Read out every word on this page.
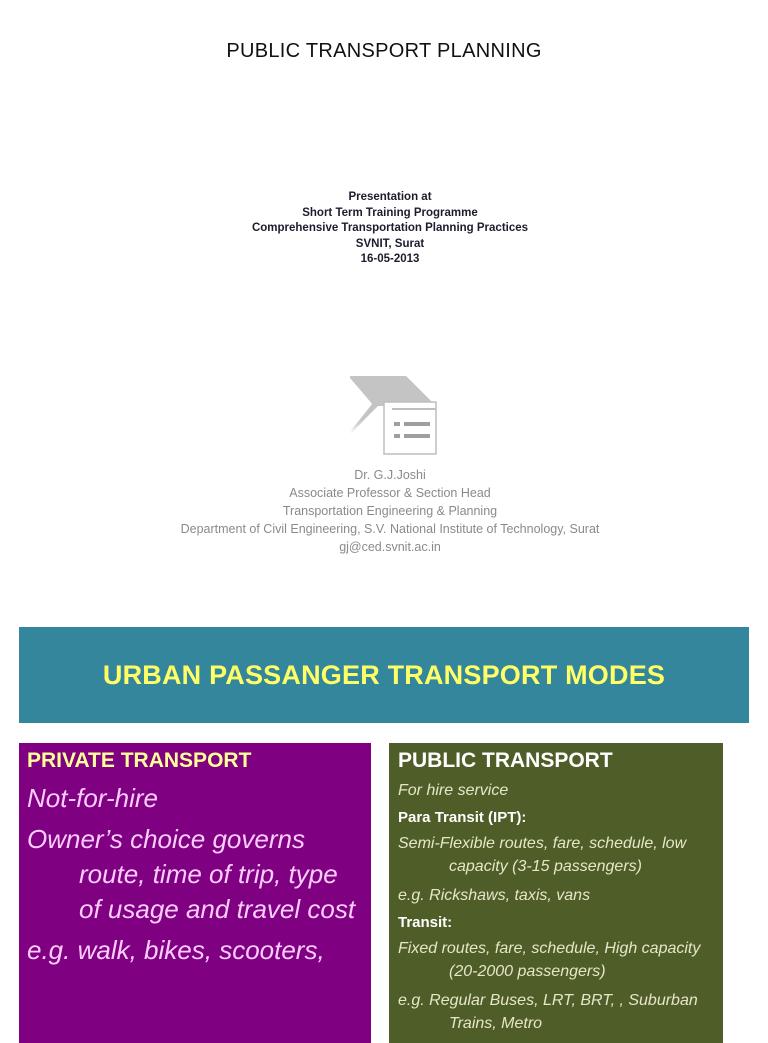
PUBLIC TRANSPORT PLANNING
Presentation at
Short Term Training Programme
Comprehensive Transportation Planning Practices
SVNIT, Surat
16-05-2013
Dr. G.J.Joshi
Associate Professor & Section Head
Transportation Engineering & Planning
Department of Civil Engineering, S.V. National Institute of Technology, Surat
gj@ced.svnit.ac.in
URBAN PASSANGER TRANSPORT MODES
PRIVATE TRANSPORT
Not-for-hire
Owner’s choice governs route, time of trip, type of usage and travel cost
e.g. walk, bikes, scooters,
PUBLIC TRANSPORT
For hire service
Para Transit (IPT):
Semi-Flexible routes, fare, schedule, low capacity (3-15 passengers)
e.g. Rickshaws, taxis, vans
Transit:
Fixed routes, fare, schedule, High capacity (20-2000 passengers)
e.g. Regular Buses, LRT, BRT, , Suburban Trains, Metro
